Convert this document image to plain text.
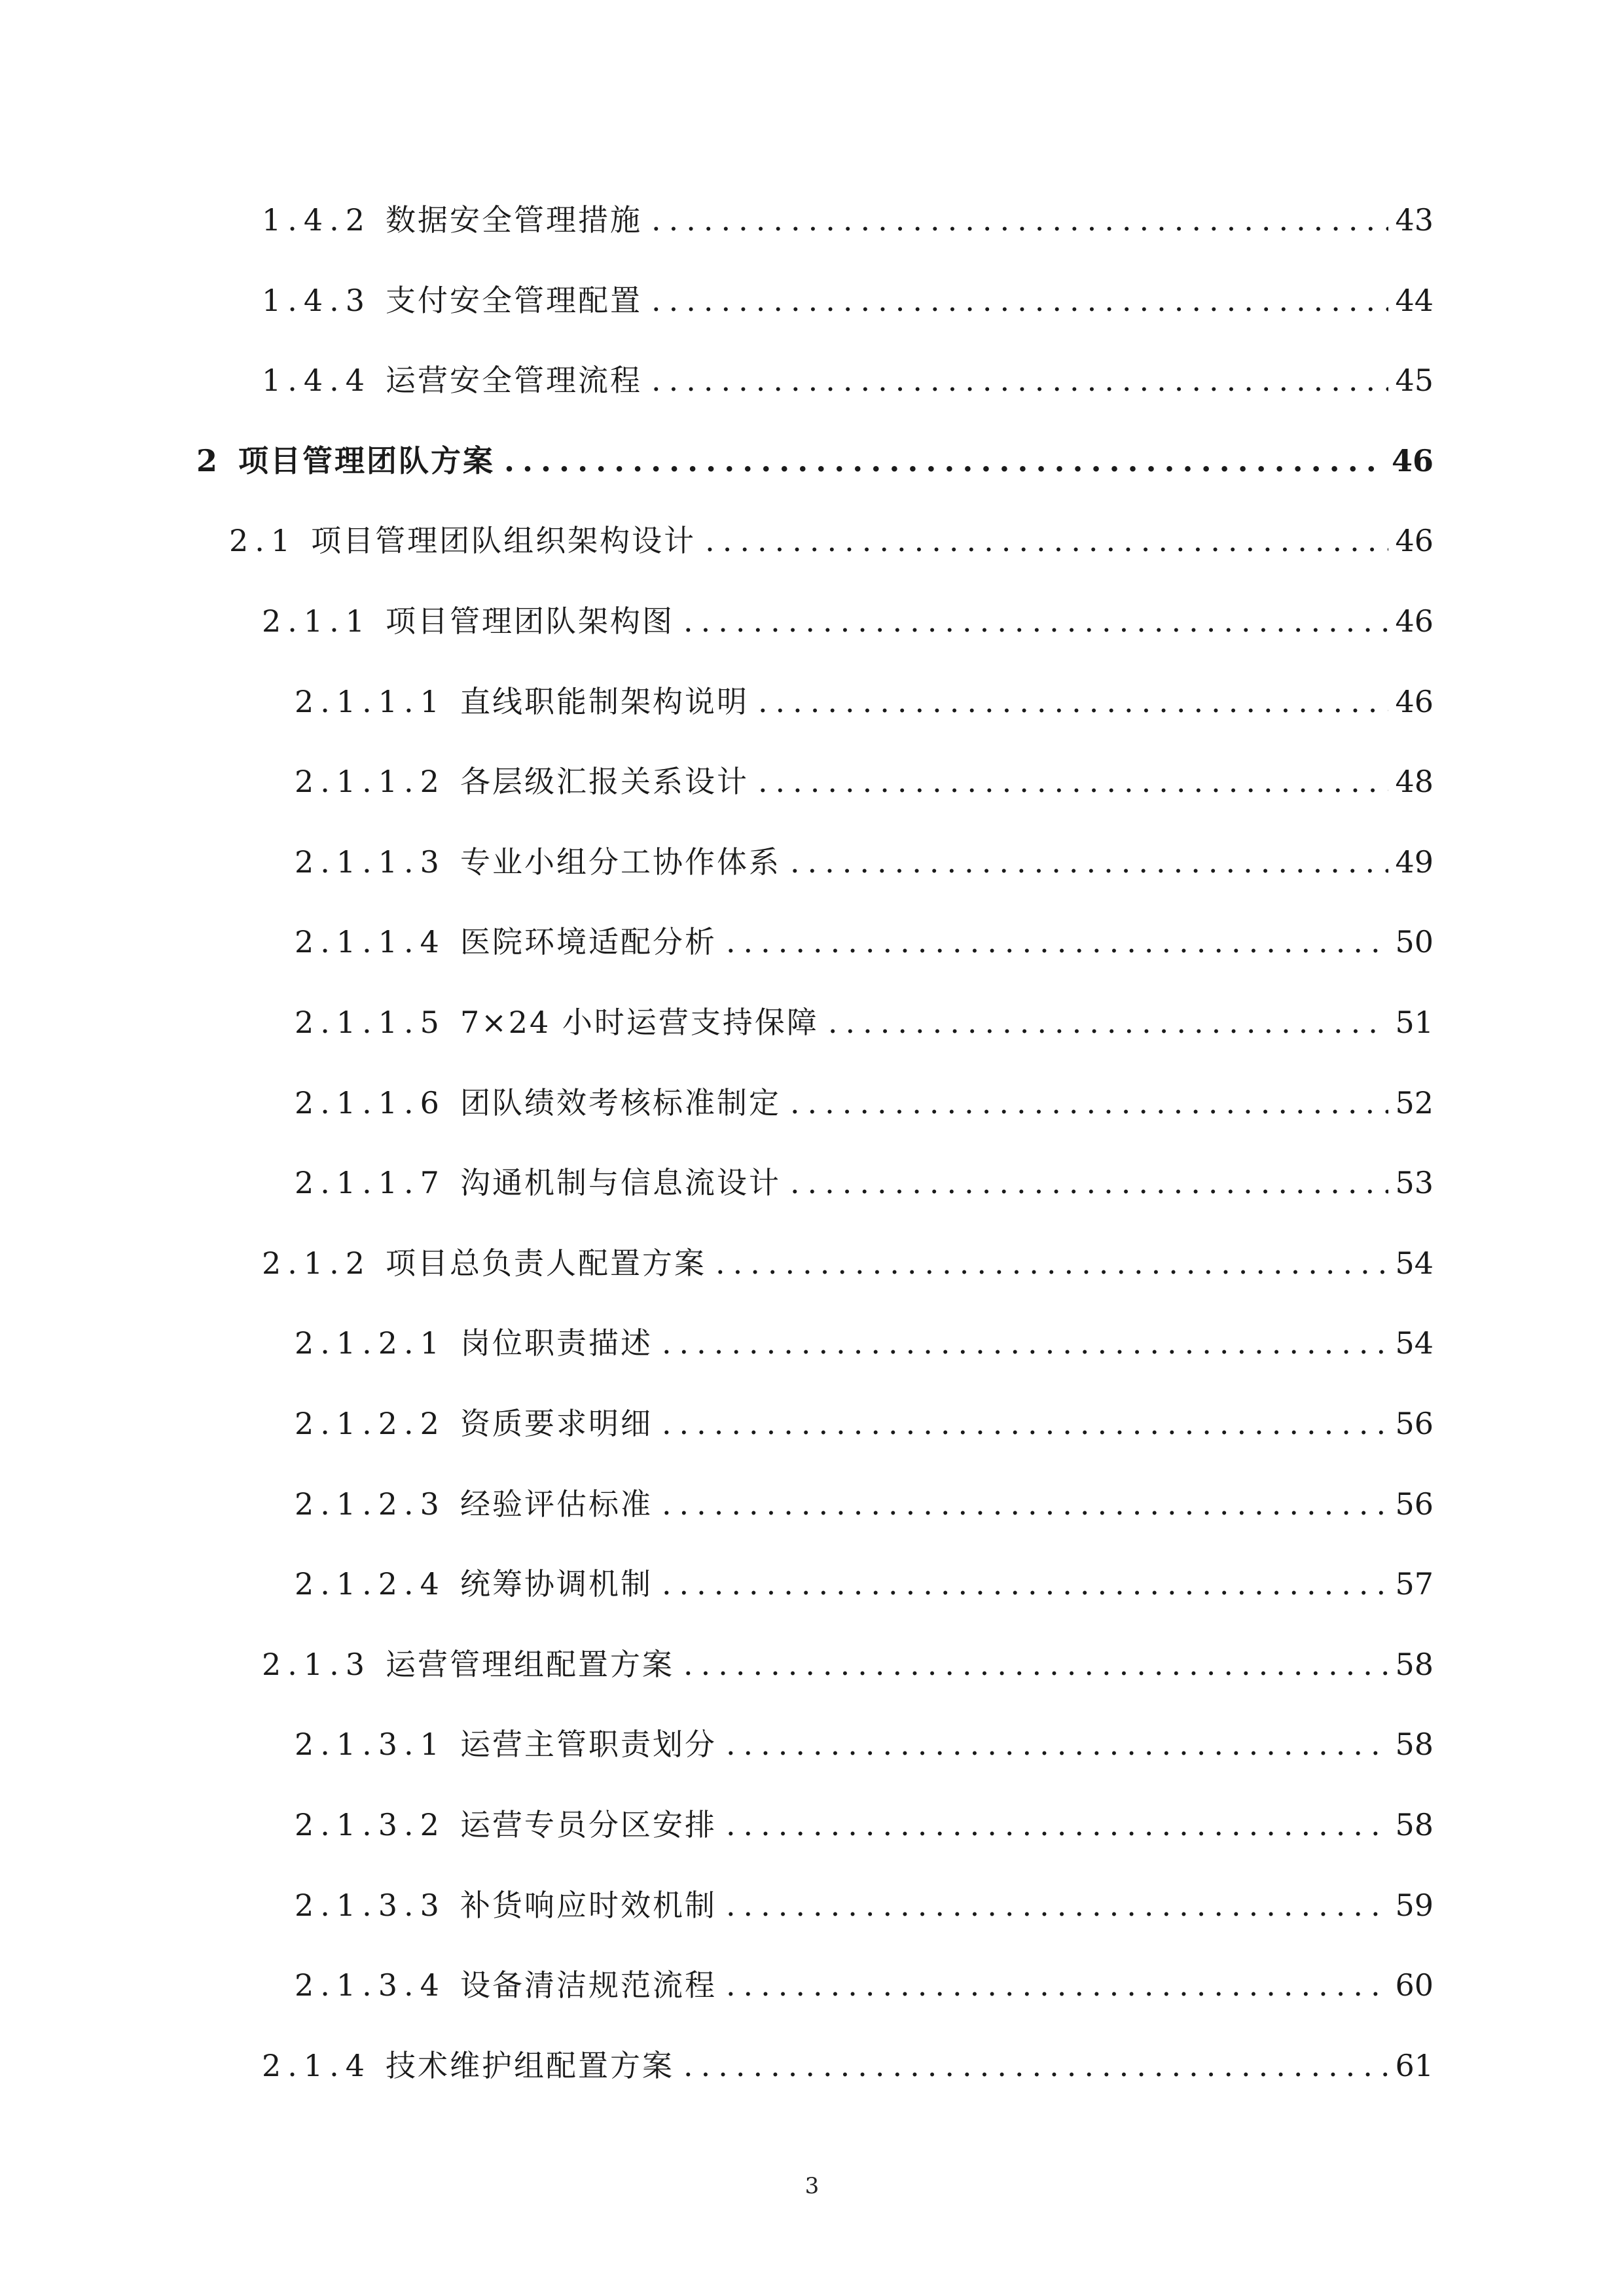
1.4.2 数据安全管理措施 .....	43
1.4.3 支付安全管理配置 .....	44
1.4.4 运营安全管理流程 .....	45
2 项目管理团队方案 .....	46
2.1 项目管理团队组织架构设计 .....	46
2.1.1 项目管理团队架构图 .....	46
2.1.1.1 直线职能制架构说明 .....	46
2.1.1.2 各层级汇报关系设计 .....	48
2.1.1.3 专业小组分工协作体系 .....	49
2.1.1.4 医院环境适配分析 .....	50
2.1.1.5 7×24 小时运营支持保障 .....	51
2.1.1.6 团队绩效考核标准制定 .....	52
2.1.1.7 沟通机制与信息流设计 .....	53
2.1.2 项目总负责人配置方案 .....	54
2.1.2.1 岗位职责描述 .....	54
2.1.2.2 资质要求明细 .....	56
2.1.2.3 经验评估标准 .....	56
2.1.2.4 统筹协调机制 .....	57
2.1.3 运营管理组配置方案 .....	58
2.1.3.1 运营主管职责划分 .....	58
2.1.3.2 运营专员分区安排 .....	58
2.1.3.3 补货响应时效机制 .....	59
2.1.3.4 设备清洁规范流程 .....	60
2.1.4 技术维护组配置方案 .....	61
3
